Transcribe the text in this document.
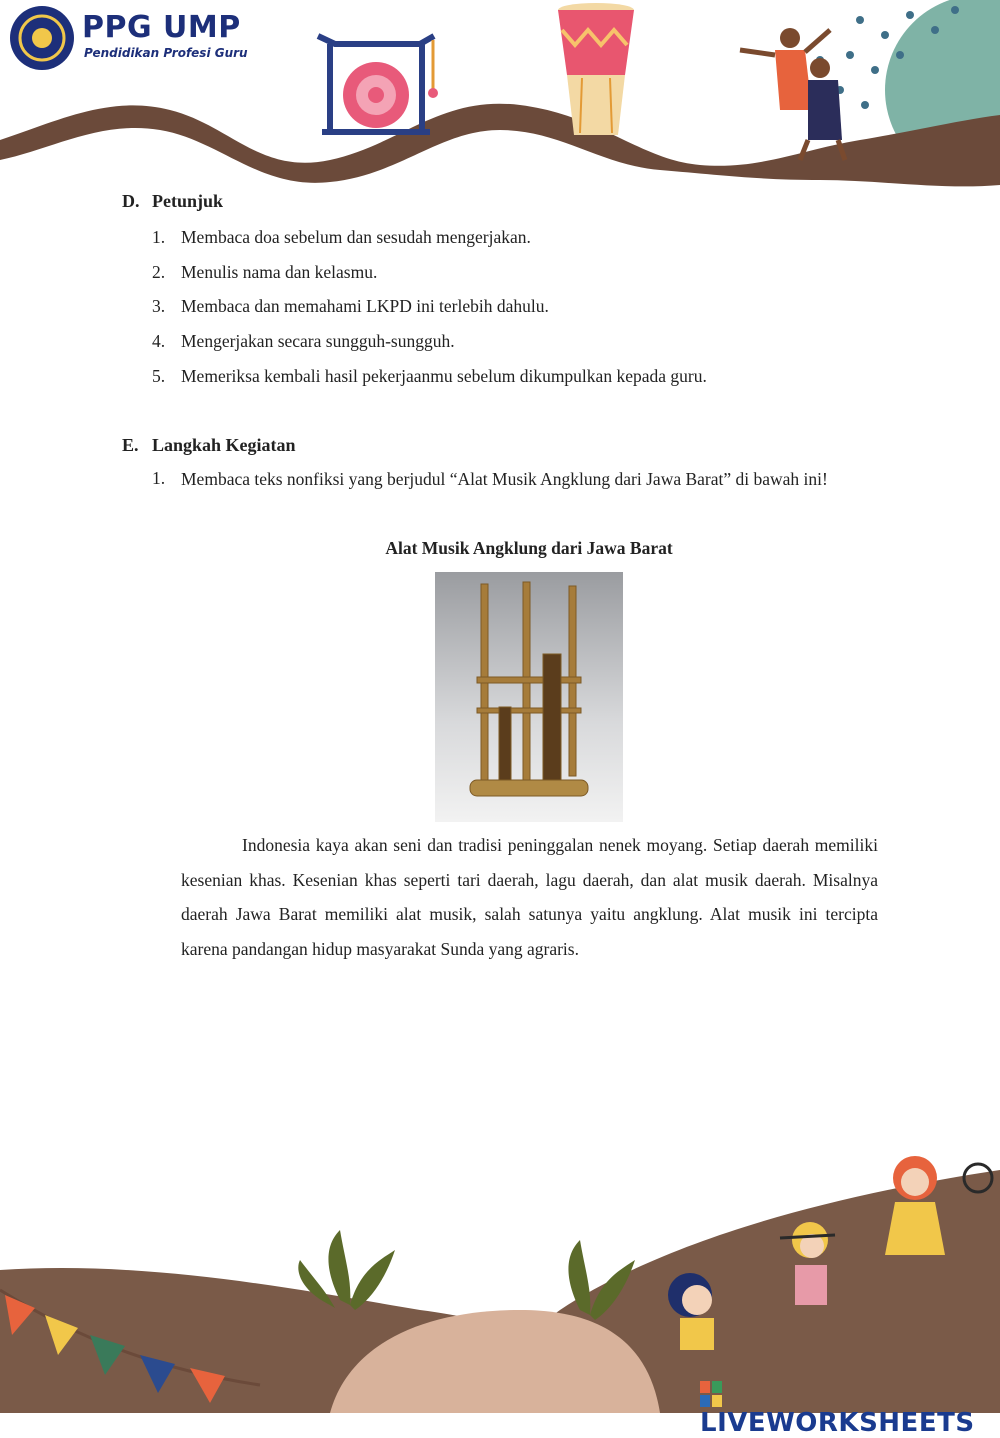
PPG UMP
Pendidikan Profesi Guru
D. Petunjuk
1. Membaca doa sebelum dan sesudah mengerjakan.
2. Menulis nama dan kelasmu.
3. Membaca dan memahami LKPD ini terlebih dahulu.
4. Mengerjakan secara sungguh-sungguh.
5. Memeriksa kembali hasil pekerjaanmu sebelum dikumpulkan kepada guru.
E. Langkah Kegiatan
1. Membaca teks nonfiksi yang berjudul “Alat Musik Angklung dari Jawa Barat” di bawah ini!
Alat Musik Angklung dari Jawa Barat
Indonesia kaya akan seni dan tradisi peninggalan nenek moyang. Setiap daerah memiliki kesenian khas. Kesenian khas seperti tari daerah, lagu daerah, dan alat musik daerah. Misalnya daerah Jawa Barat memiliki alat musik, salah satunya yaitu angklung. Alat musik ini tercipta karena pandangan hidup masyarakat Sunda yang agraris.
LIVEWORKSHEETS
